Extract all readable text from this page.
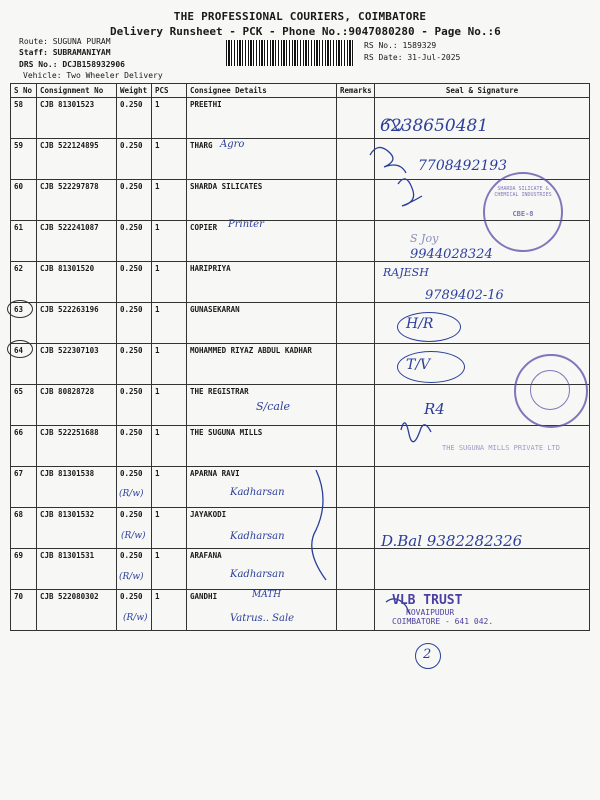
THE PROFESSIONAL COURIERS, COIMBATORE
Delivery Runsheet - PCK - Phone No.:9047080280 - Page No.:6
Route: SUGUNA PURAM
Staff: SUBRAMANIYAM
DRS No.: DCJB158932906
Vehicle: Two Wheeler Delivery
RS No.: 1589329
RS Date: 31-Jul-2025
S No	Consignment No	Weight	PCS	Consignee Details	Remarks	Seal & Signature
58	CJB 81301523	0.250	1	PREETHI		
59	CJB 522124895	0.250	1	THARG		
60	CJB 522297878	0.250	1	SHARDA SILICATES		
61	CJB 522241087	0.250	1	COPIER		
62	CJB 81301520	0.250	1	HARIPRIYA		
63	CJB 522263196	0.250	1	GUNASEKARAN		
64	CJB 522307103	0.250	1	MOHAMMED RIYAZ ABDUL KADHAR		
65	CJB 80828728	0.250	1	THE REGISTRAR		
66	CJB 522251688	0.250	1	THE SUGUNA MILLS		
67	CJB 81301538	0.250	1	APARNA RAVI		
68	CJB 81301532	0.250	1	JAYAKODI		
69	CJB 81301531	0.250	1	ARAFANA		
70	CJB 522080302	0.250	1	GANDHI		
6238650481
Agro
7708492193
Printer
S Joy
9944028324
RAJESH
9789402-16
H/R
T/V
S/cale	R4
(R/w)	Kadharsan
(R/w)	Kadharsan	D.Bal 9382282326
(R/w)	Kadharsan
MATH
(R/w)	Vatrus.. Sale
2
SHARDA SILICATE & CHEMICAL INDUSTRIES
CBE-8
THE SUGUNA MILLS PRIVATE LTD
VLB TRUST
KOVAIPUDUR
COIMBATORE - 641 042.
